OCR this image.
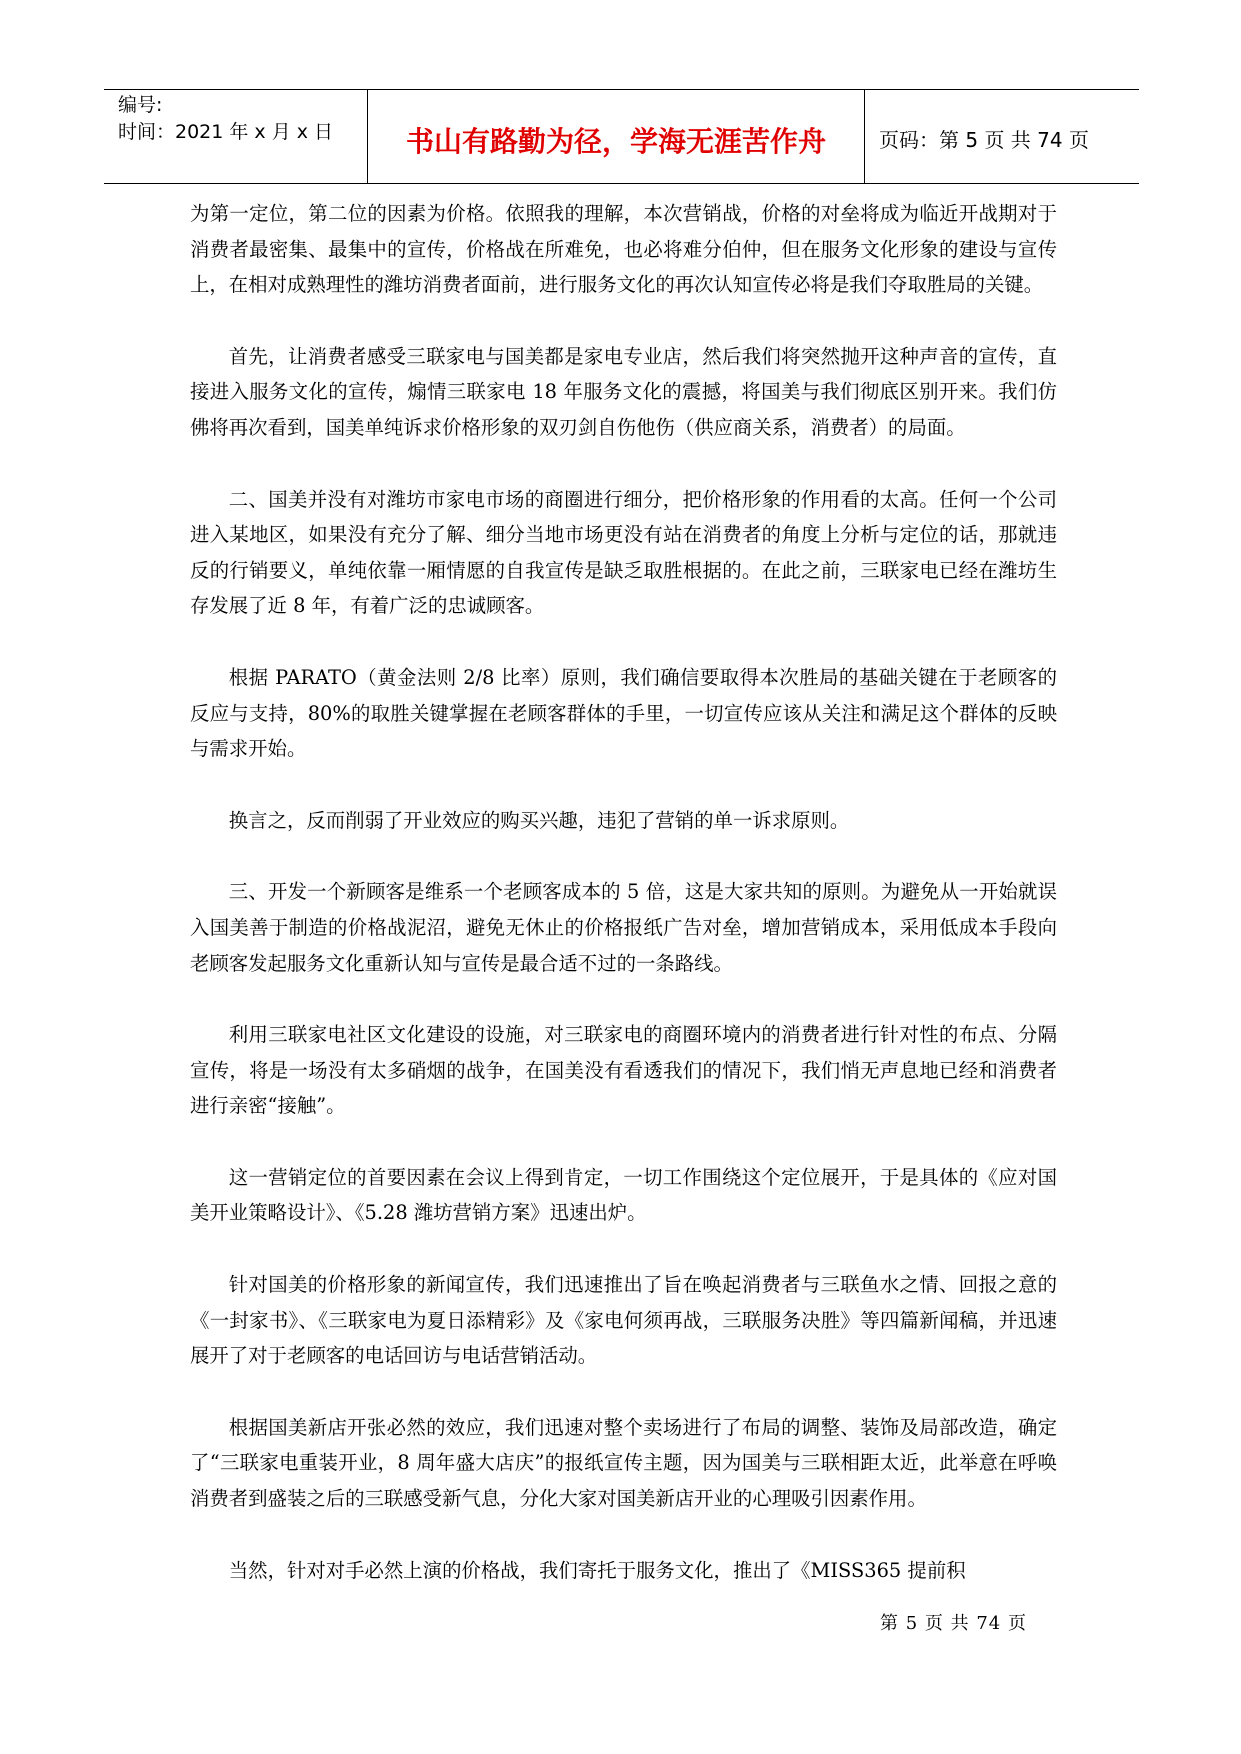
编号:
时间：2021 年 x 月 x 日	书山有路勤为径，学海无涯苦作舟	页码：第 5 页 共 74 页

为第一定位，第二位的因素为价格。依照我的理解，本次营销战，价格的对垒将成为临近开战期对于消费者最密集、最集中的宣传，价格战在所难免，也必将难分伯仲，但在服务文化形象的建设与宣传上，在相对成熟理性的潍坊消费者面前，进行服务文化的再次认知宣传必将是我们夺取胜局的关键。

首先，让消费者感受三联家电与国美都是家电专业店，然后我们将突然抛开这种声音的宣传，直接进入服务文化的宣传，煽情三联家电 18 年服务文化的震撼，将国美与我们彻底区别开来。我们仿佛将再次看到，国美单纯诉求价格形象的双刃剑自伤他伤（供应商关系，消费者）的局面。

二、国美并没有对潍坊市家电市场的商圈进行细分，把价格形象的作用看的太高。任何一个公司进入某地区，如果没有充分了解、细分当地市场更没有站在消费者的角度上分析与定位的话，那就违反的行销要义，单纯依靠一厢情愿的自我宣传是缺乏取胜根据的。在此之前，三联家电已经在潍坊生存发展了近 8 年，有着广泛的忠诚顾客。

根据 PARATO（黄金法则 2/8 比率）原则，我们确信要取得本次胜局的基础关键在于老顾客的反应与支持，80%的取胜关键掌握在老顾客群体的手里，一切宣传应该从关注和满足这个群体的反映与需求开始。

换言之，反而削弱了开业效应的购买兴趣，违犯了营销的单一诉求原则。

三、开发一个新顾客是维系一个老顾客成本的 5 倍，这是大家共知的原则。为避免从一开始就误入国美善于制造的价格战泥沼，避免无休止的价格报纸广告对垒，增加营销成本，采用低成本手段向老顾客发起服务文化重新认知与宣传是最合适不过的一条路线。

利用三联家电社区文化建设的设施，对三联家电的商圈环境内的消费者进行针对性的布点、分隔宣传，将是一场没有太多硝烟的战争，在国美没有看透我们的情况下，我们悄无声息地已经和消费者进行亲密“接触”。

这一营销定位的首要因素在会议上得到肯定，一切工作围绕这个定位展开，于是具体的《应对国美开业策略设计》、《5.28 潍坊营销方案》迅速出炉。

针对国美的价格形象的新闻宣传，我们迅速推出了旨在唤起消费者与三联鱼水之情、回报之意的《一封家书》、《三联家电为夏日添精彩》及《家电何须再战，三联服务决胜》等四篇新闻稿，并迅速展开了对于老顾客的电话回访与电话营销活动。

根据国美新店开张必然的效应，我们迅速对整个卖场进行了布局的调整、装饰及局部改造，确定了“三联家电重装开业，8 周年盛大店庆”的报纸宣传主题，因为国美与三联相距太近，此举意在呼唤消费者到盛装之后的三联感受新气息，分化大家对国美新店开业的心理吸引因素作用。

当然，针对对手必然上演的价格战，我们寄托于服务文化，推出了《MISS365 提前积

第 5 页 共 74 页
